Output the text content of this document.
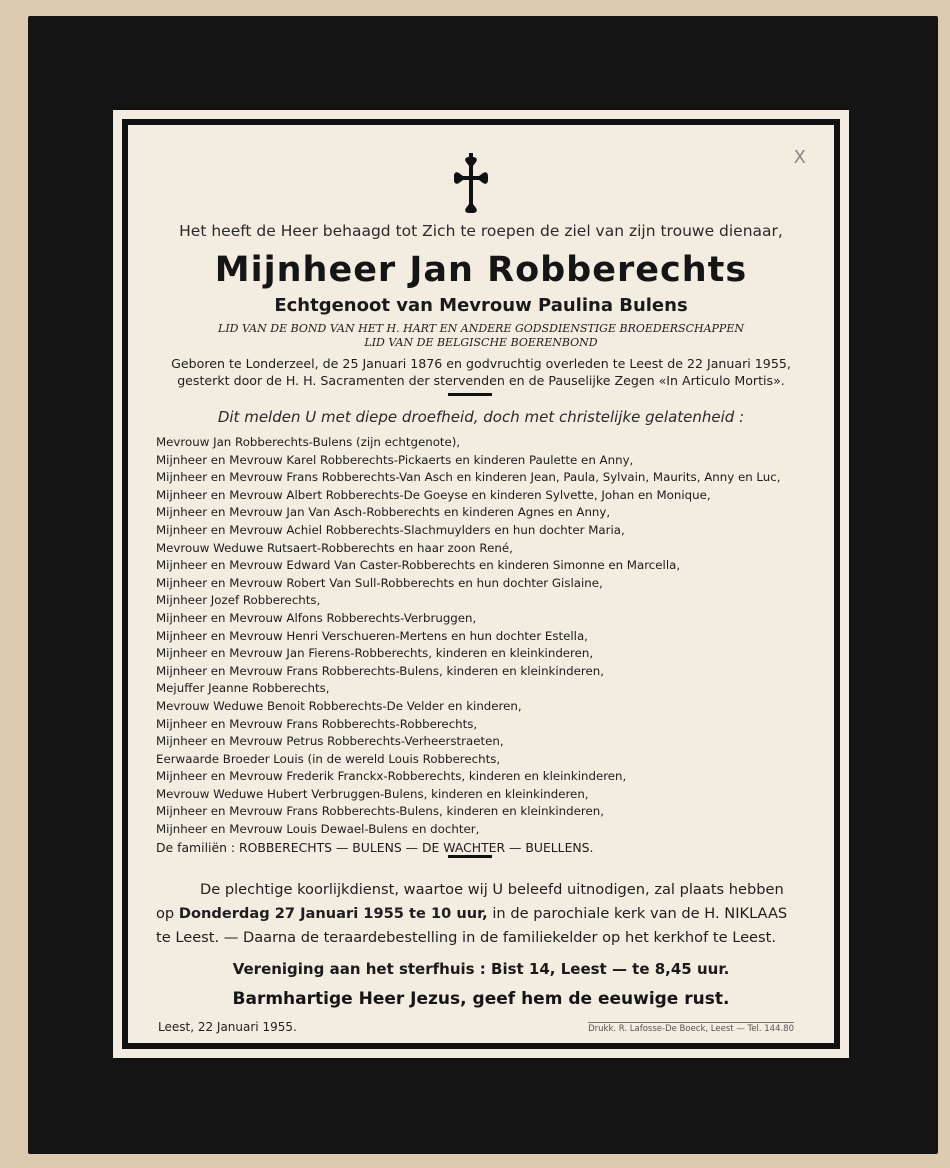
X
Het heeft de Heer behaagd tot Zich te roepen de ziel van zijn trouwe dienaar,
Mijnheer Jan Robberechts
Echtgenoot van Mevrouw Paulina Bulens
LID VAN DE BOND VAN HET H. HART EN ANDERE GODSDIENSTIGE BROEDERSCHAPPEN
LID VAN DE BELGISCHE BOERENBOND
Geboren te Londerzeel, de 25 Januari 1876 en godvruchtig overleden te Leest de 22 Januari 1955,
gesterkt door de H. H. Sacramenten der stervenden en de Pauselijke Zegen «In Articulo Mortis».
Dit melden U met diepe droefheid, doch met christelijke gelatenheid :
Mevrouw Jan Robberechts-Bulens (zijn echtgenote),
Mijnheer en Mevrouw Karel Robberechts-Pickaerts en kinderen Paulette en Anny,
Mijnheer en Mevrouw Frans Robberechts-Van Asch en kinderen Jean, Paula, Sylvain, Maurits, Anny en Luc,
Mijnheer en Mevrouw Albert Robberechts-De Goeyse en kinderen Sylvette, Johan en Monique,
Mijnheer en Mevrouw Jan Van Asch-Robberechts en kinderen Agnes en Anny,
Mijnheer en Mevrouw Achiel Robberechts-Slachmuylders en hun dochter Maria,
Mevrouw Weduwe Rutsaert-Robberechts en haar zoon René,
Mijnheer en Mevrouw Edward Van Caster-Robberechts en kinderen Simonne en Marcella,
Mijnheer en Mevrouw Robert Van Sull-Robberechts en hun dochter Gislaine,
Mijnheer Jozef Robberechts,
Mijnheer en Mevrouw Alfons Robberechts-Verbruggen,
Mijnheer en Mevrouw Henri Verschueren-Mertens en hun dochter Estella,
Mijnheer en Mevrouw Jan Fierens-Robberechts, kinderen en kleinkinderen,
Mijnheer en Mevrouw Frans Robberechts-Bulens, kinderen en kleinkinderen,
Mejuffer Jeanne Robberechts,
Mevrouw Weduwe Benoit Robberechts-De Velder en kinderen,
Mijnheer en Mevrouw Frans Robberechts-Robberechts,
Mijnheer en Mevrouw Petrus Robberechts-Verheerstraeten,
Eerwaarde Broeder Louis (in de wereld Louis Robberechts,
Mijnheer en Mevrouw Frederik Franckx-Robberechts, kinderen en kleinkinderen,
Mevrouw Weduwe Hubert Verbruggen-Bulens, kinderen en kleinkinderen,
Mijnheer en Mevrouw Frans Robberechts-Bulens, kinderen en kleinkinderen,
Mijnheer en Mevrouw Louis Dewael-Bulens en dochter,
De familiën : ROBBERECHTS — BULENS — DE WACHTER — BUELLENS.

De plechtige koorlijkdienst, waartoe wij U beleefd uitnodigen, zal plaats hebben

op Donderdag 27 Januari 1955 te 10 uur, in de parochiale kerk van de H. NIKLAAS

te Leest. — Daarna de teraardebestelling in de familiekelder op het kerkhof te Leest.

Vereniging aan het sterfhuis : Bist 14, Leest — te 8,45 uur.
Barmhartige Heer Jezus, geef hem de eeuwige rust.
Leest, 22 Januari 1955.	Drukk. R. Lafosse-De Boeck, Leest — Tel. 144.80
